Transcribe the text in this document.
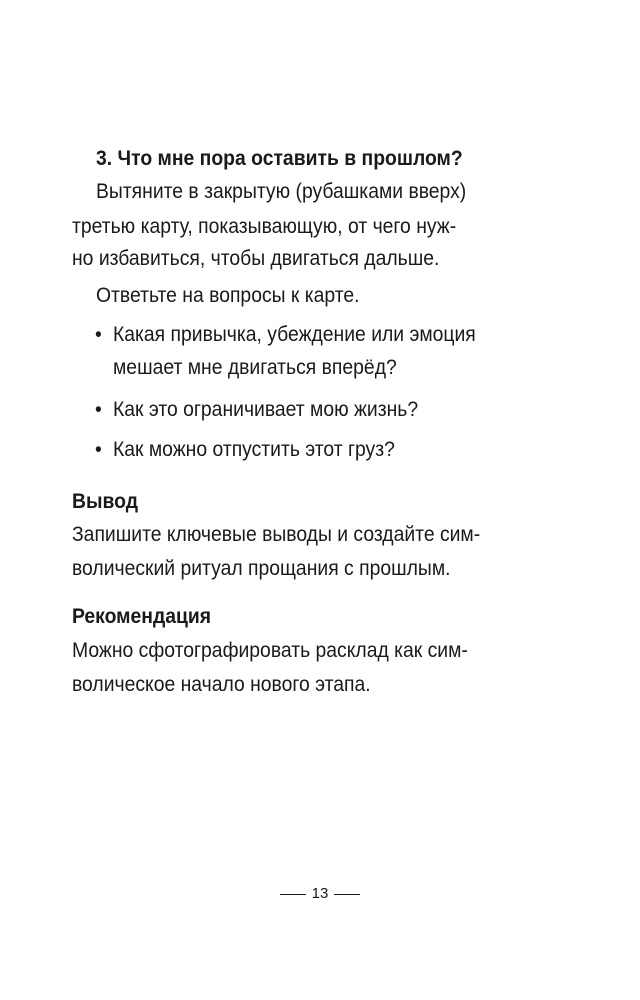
3. Что мне пора оставить в прошлом?
Вытяните в закрытую (рубашками вверх)
третью карту, показывающую, от чего нуж-
но избавиться, чтобы двигаться дальше.
Ответьте на вопросы к карте.
• Какая привычка, убеждение или эмоция
мешает мне двигаться вперёд?
• Как это ограничивает мою жизнь?
• Как можно отпустить этот груз?
Вывод
Запишите ключевые выводы и создайте сим-
волический ритуал прощания с прошлым.
Рекомендация
Можно сфотографировать расклад как сим-
волическое начало нового этапа.
13
